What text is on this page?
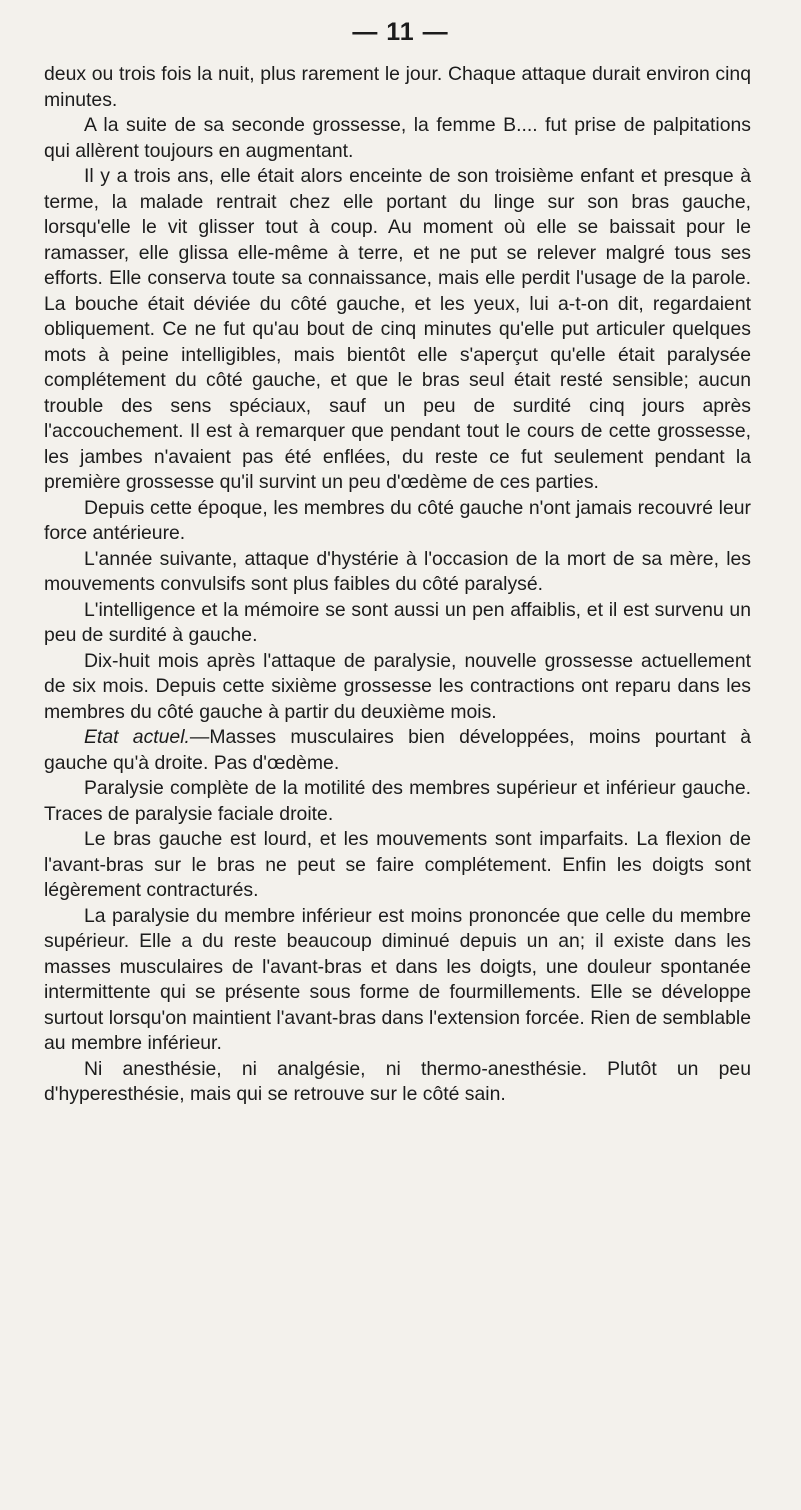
— 11 —

deux ou trois fois la nuit, plus rarement le jour. Chaque attaque durait environ cinq minutes.

A la suite de sa seconde grossesse, la femme B.... fut prise de palpitations qui allèrent toujours en augmentant.

Il y a trois ans, elle était alors enceinte de son troisième enfant et presque à terme, la malade rentrait chez elle portant du linge sur son bras gauche, lorsqu'elle le vit glisser tout à coup. Au moment où elle se baissait pour le ramasser, elle glissa elle-même à terre, et ne put se relever malgré tous ses efforts. Elle conserva toute sa connaissance, mais elle perdit l'usage de la parole. La bouche était déviée du côté gauche, et les yeux, lui a-t-on dit, regardaient obliquement. Ce ne fut qu'au bout de cinq minutes qu'elle put articuler quelques mots à peine intelligibles, mais bientôt elle s'aperçut qu'elle était paralysée complétement du côté gauche, et que le bras seul était resté sensible; aucun trouble des sens spéciaux, sauf un peu de surdité cinq jours après l'accouchement. Il est à remarquer que pendant tout le cours de cette grossesse, les jambes n'avaient pas été enflées, du reste ce fut seulement pendant la première grossesse qu'il survint un peu d'œdème de ces parties.

Depuis cette époque, les membres du côté gauche n'ont jamais recouvré leur force antérieure.

L'année suivante, attaque d'hystérie à l'occasion de la mort de sa mère, les mouvements convulsifs sont plus faibles du côté paralysé.

L'intelligence et la mémoire se sont aussi un pen affaiblis, et il est survenu un peu de surdité à gauche.

Dix-huit mois après l'attaque de paralysie, nouvelle grossesse actuellement de six mois. Depuis cette sixième grossesse les contractions ont reparu dans les membres du côté gauche à partir du deuxième mois.

Etat actuel.—Masses musculaires bien développées, moins pourtant à gauche qu'à droite. Pas d'œdème.

Paralysie complète de la motilité des membres supérieur et inférieur gauche. Traces de paralysie faciale droite.

Le bras gauche est lourd, et les mouvements sont imparfaits. La flexion de l'avant-bras sur le bras ne peut se faire complétement. Enfin les doigts sont légèrement contracturés.

La paralysie du membre inférieur est moins prononcée que celle du membre supérieur. Elle a du reste beaucoup diminué depuis un an; il existe dans les masses musculaires de l'avant-bras et dans les doigts, une douleur spontanée intermittente qui se présente sous forme de fourmillements. Elle se développe surtout lorsqu'on maintient l'avant-bras dans l'extension forcée. Rien de semblable au membre inférieur.

Ni anesthésie, ni analgésie, ni thermo-anesthésie. Plutôt un peu d'hyperesthésie, mais qui se retrouve sur le côté sain.
